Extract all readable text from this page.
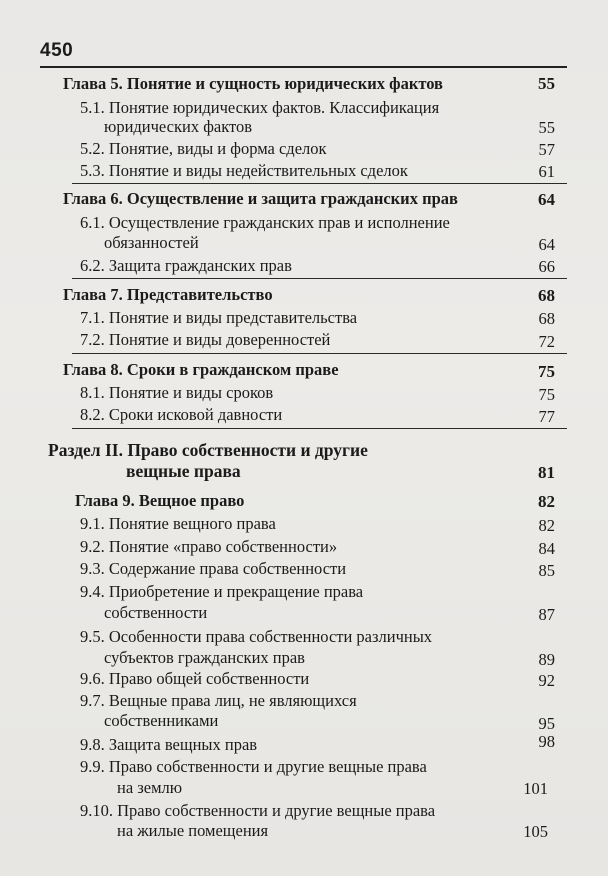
450
Глава 5. Понятие и сущность юридических фактов	55
5.1. Понятие юридических фактов. Классификация
юридических фактов	55
5.2. Понятие, виды и форма сделок	57
5.3. Понятие и виды недействительных сделок	61
Глава 6. Осуществление и защита гражданских прав	64
6.1. Осуществление гражданских прав и исполнение
обязанностей	64
6.2. Защита гражданских прав	66
Глава 7. Представительство	68
7.1. Понятие и виды представительства	68
7.2. Понятие и виды доверенностей	72
Глава 8. Сроки в гражданском праве	75
8.1. Понятие и виды сроков	75
8.2. Сроки исковой давности	77
Раздел II. Право собственности и другие
вещные права	81
Глава 9. Вещное право	82
9.1. Понятие вещного права	82
9.2. Понятие «право собственности»	84
9.3. Содержание права собственности	85
9.4. Приобретение и прекращение права
собственности	87
9.5. Особенности права собственности различных
субъектов гражданских прав	89
9.6. Право общей собственности	92
9.7. Вещные права лиц, не являющихся
собственниками	95
9.8. Защита вещных прав	98
9.9. Право собственности и другие вещные права
на землю	101
9.10. Право собственности и другие вещные права
на жилые помещения	105
